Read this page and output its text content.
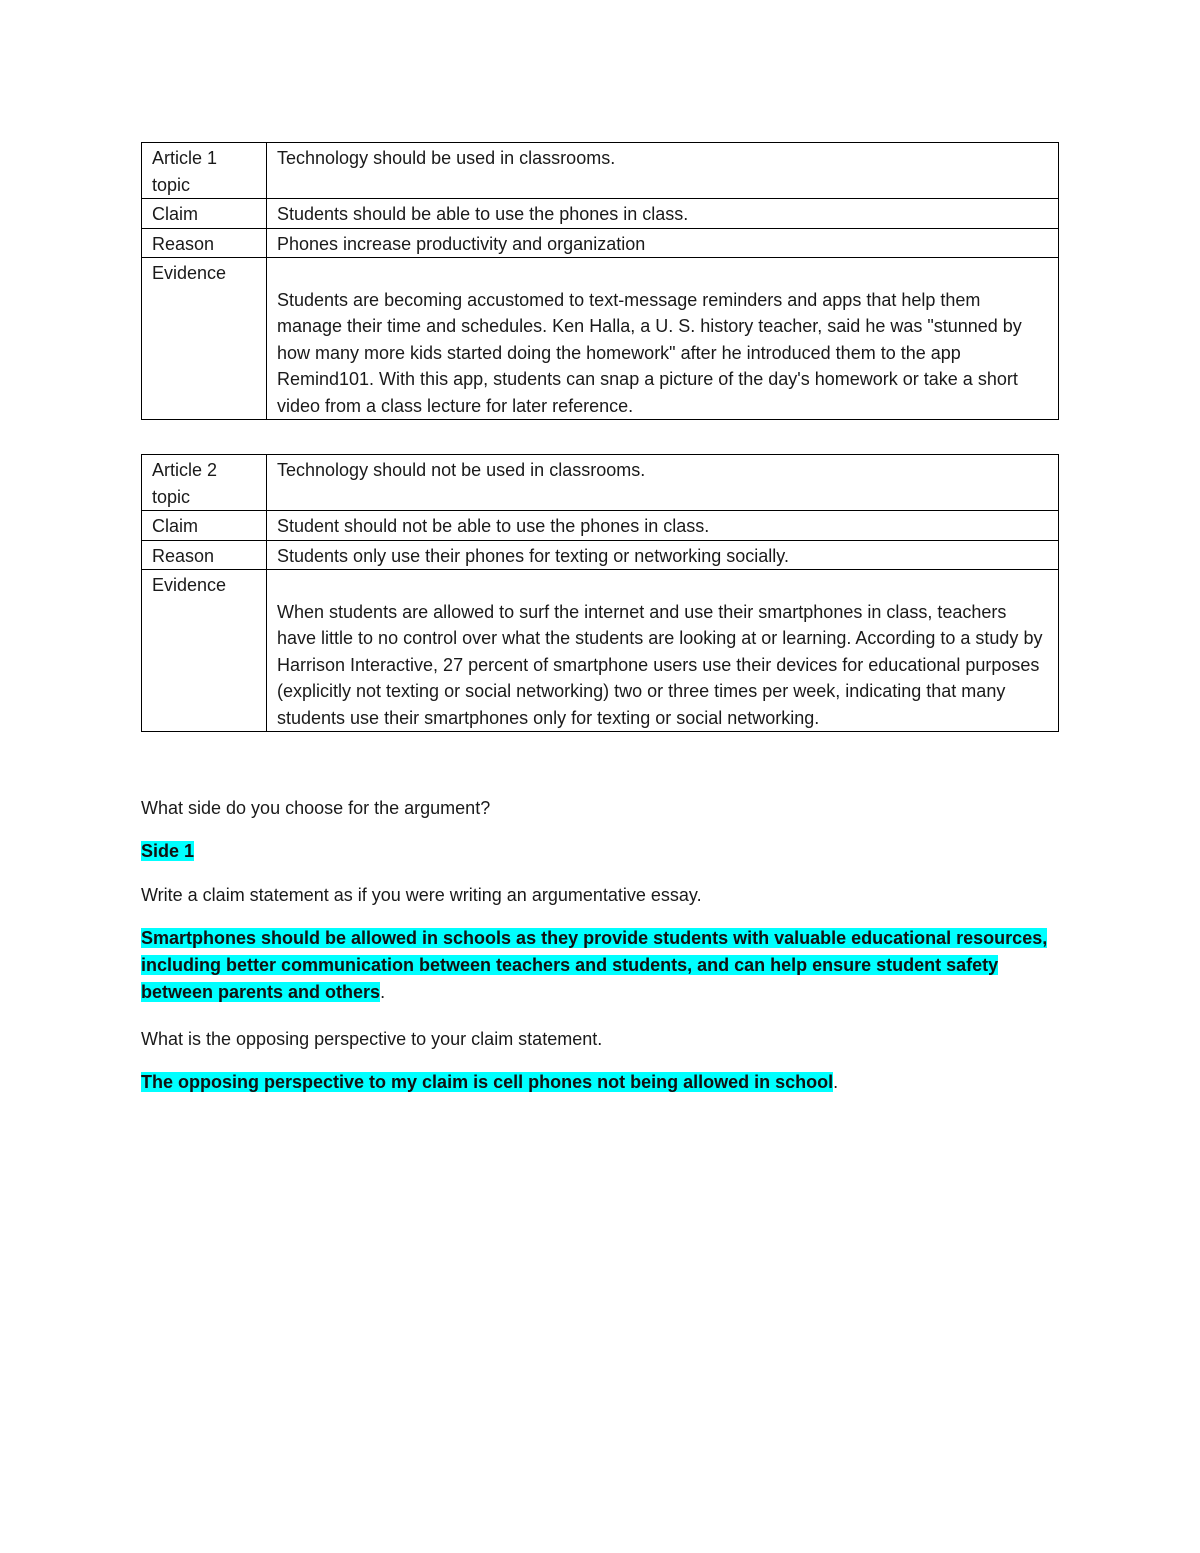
Article 1 topic	Technology should be used in classrooms.
Claim	Students should be able to use the phones in class.
Reason	Phones increase productivity and organization
Evidence	Students are becoming accustomed to text-message reminders and apps that help them manage their time and schedules. Ken Halla, a U. S. history teacher, said he was "stunned by how many more kids started doing the homework" after he introduced them to the app Remind101. With this app, students can snap a picture of the day's homework or take a short video from a class lecture for later reference.
Article 2 topic	Technology should not be used in classrooms.
Claim	Student should not be able to use the phones in class.
Reason	Students only use their phones for texting or networking socially.
Evidence	When students are allowed to surf the internet and use their smartphones in class, teachers have little to no control over what the students are looking at or learning. According to a study by Harrison Interactive, 27 percent of smartphone users use their devices for educational purposes (explicitly not texting or social networking) two or three times per week, indicating that many students use their smartphones only for texting or social networking.

What side do you choose for the argument?

Side 1

Write a claim statement as if you were writing an argumentative essay.

Smartphones should be allowed in schools as they provide students with valuable educational resources, including better communication between teachers and students, and can help ensure student safety between parents and others.

What is the opposing perspective to your claim statement.

The opposing perspective to my claim is cell phones not being allowed in school.
